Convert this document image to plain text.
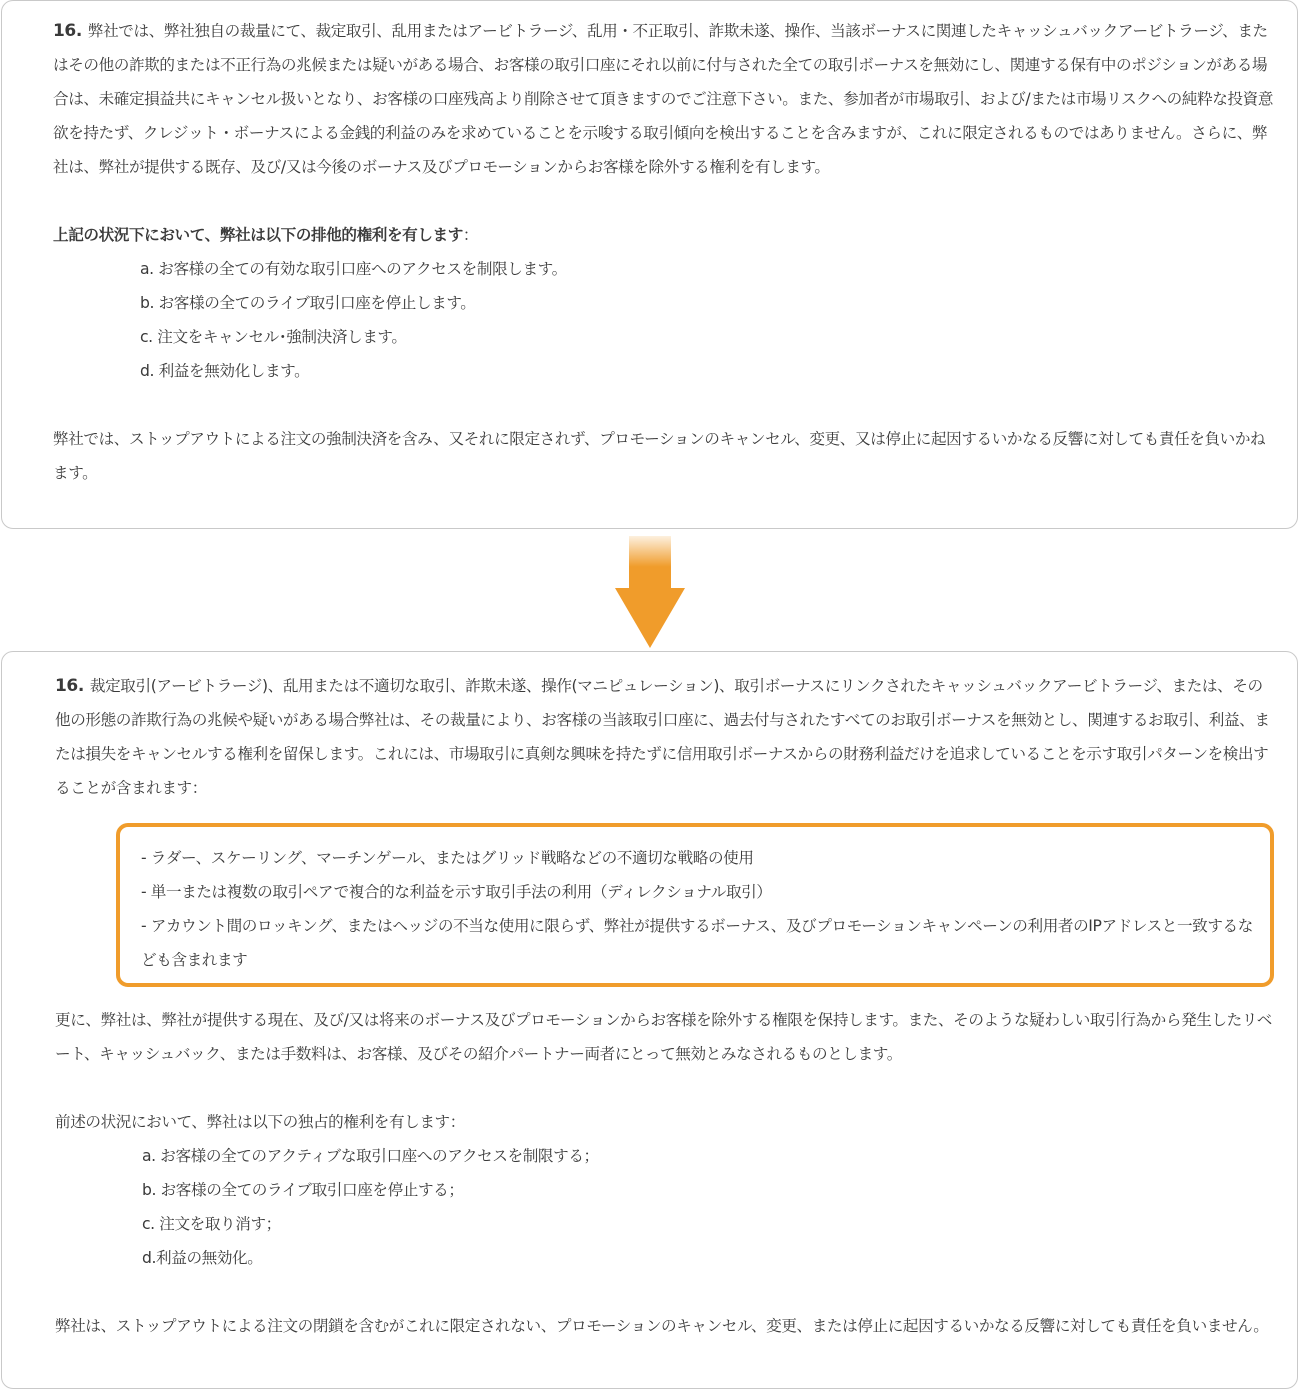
16. 弊社では、弊社独自の裁量にて、裁定取引、乱用またはアービトラージ、乱用・不正取引、詐欺未遂、操作、当該ボーナスに関連したキャッシュバックアービトラージ、またはその他の詐欺的または不正行為の兆候または疑いがある場合、お客様の取引口座にそれ以前に付与された全ての取引ボーナスを無効にし、関連する保有中のポジションがある場合は、未確定損益共にキャンセル扱いとなり、お客様の口座残高より削除させて頂きますのでご注意下さい。また、参加者が市場取引、および/または市場リスクへの純粋な投資意欲を持たず、クレジット・ボーナスによる金銭的利益のみを求めていることを示唆する取引傾向を検出することを含みますが、これに限定されるものではありません。さらに、弊社は、弊社が提供する既存、及び/又は今後のボーナス及びプロモーションからお客様を除外する権利を有します。

上記の状況下において、弊社は以下の排他的権利を有します：

a. お客様の全ての有効な取引口座へのアクセスを制限します。
b. お客様の全てのライブ取引口座を停止します。
c. 注文をキャンセル･強制決済します。
d. 利益を無効化します。

弊社では、ストップアウトによる注文の強制決済を含み、又それに限定されず、プロモーションのキャンセル、変更、又は停止に起因するいかなる反響に対しても責任を負いかねます。

16. 裁定取引(アービトラージ)、乱用または不適切な取引、詐欺未遂、操作(マニピュレーション)、取引ボーナスにリンクされたキャッシュバックアービトラージ、または、その他の形態の詐欺行為の兆候や疑いがある場合弊社は、その裁量により、お客様の当該取引口座に、過去付与されたすべてのお取引ボーナスを無効とし、関連するお取引、利益、または損失をキャンセルする権利を留保します。これには、市場取引に真剣な興味を持たずに信用取引ボーナスからの財務利益だけを追求していることを示す取引パターンを検出することが含まれます：

- ラダー、スケーリング、マーチンゲール、またはグリッド戦略などの不適切な戦略の使用
- 単一または複数の取引ペアで複合的な利益を示す取引手法の利用（ディレクショナル取引）
- アカウント間のロッキング、またはヘッジの不当な使用に限らず、弊社が提供するボーナス、及びプロモーションキャンペーンの利用者のIPアドレスと一致するなども含まれます

更に、弊社は、弊社が提供する現在、及び/又は将来のボーナス及びプロモーションからお客様を除外する権限を保持します。また、そのような疑わしい取引行為から発生したリベート、キャッシュバック、または手数料は、お客様、及びその紹介パートナー両者にとって無効とみなされるものとします。

前述の状況において、弊社は以下の独占的権利を有します：

a. お客様の全てのアクティブな取引口座へのアクセスを制限する；
b. お客様の全てのライブ取引口座を停止する；
c. 注文を取り消す；
d.利益の無効化。

弊社は、ストップアウトによる注文の閉鎖を含むがこれに限定されない、プロモーションのキャンセル、変更、または停止に起因するいかなる反響に対しても責任を負いません。
